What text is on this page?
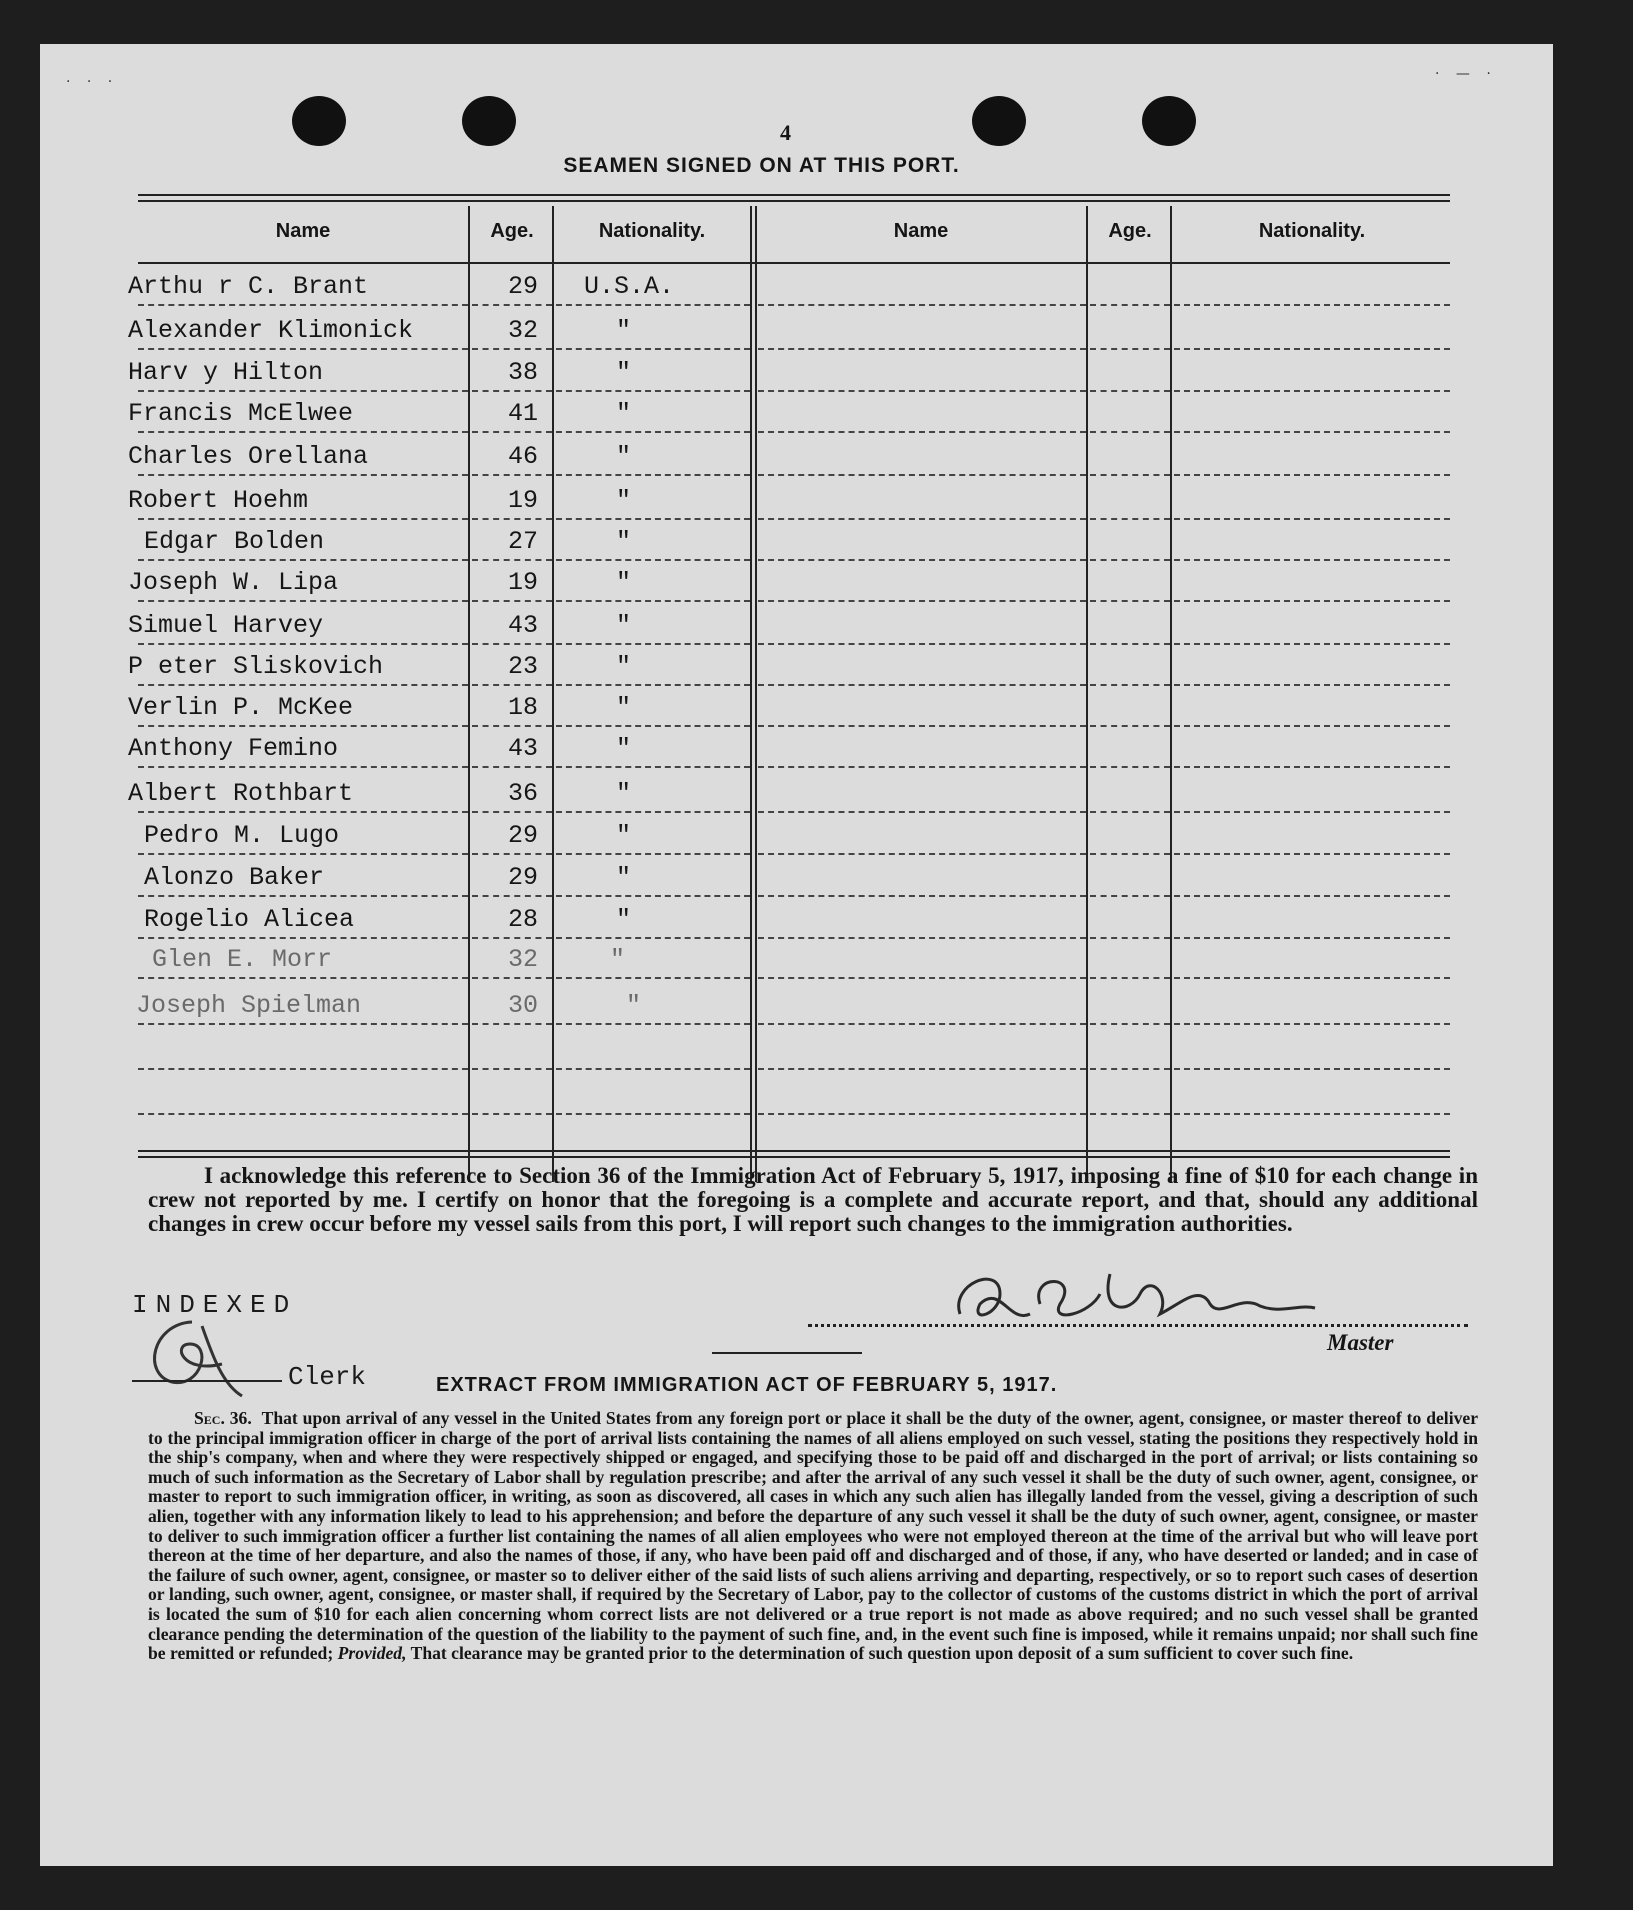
· · ·	· — ·
4
SEAMEN SIGNED ON AT THIS PORT.
Name	Age.	Nationality.	Name	Age.	Nationality.

I acknowledge this reference to Section 36 of the Immigration Act of February 5, 1917, imposing a fine of $10 for each change in crew not reported by me. I certify on honor that the foregoing is a complete and accurate report, and that, should any additional changes in crew occur before my vessel sails from this port, I will report such changes to the immigration authorities.

INDEXED
Clerk
Master
EXTRACT FROM IMMIGRATION ACT OF FEBRUARY 5, 1917.

Sec. 36. That upon arrival of any vessel in the United States from any foreign port or place it shall be the duty of the owner, agent, consignee, or master thereof to deliver to the principal immigration officer in charge of the port of arrival lists containing the names of all aliens employed on such vessel, stating the positions they respectively hold in the ship's company, when and where they were respectively shipped or engaged, and specifying those to be paid off and discharged in the port of arrival; or lists containing so much of such information as the Secretary of Labor shall by regulation prescribe; and after the arrival of any such vessel it shall be the duty of such owner, agent, consignee, or master to report to such immigration officer, in writing, as soon as discovered, all cases in which any such alien has illegally landed from the vessel, giving a description of such alien, together with any information likely to lead to his apprehension; and before the departure of any such vessel it shall be the duty of such owner, agent, consignee, or master to deliver to such immigration officer a further list containing the names of all alien employees who were not employed thereon at the time of the arrival but who will leave port thereon at the time of her departure, and also the names of those, if any, who have been paid off and discharged and of those, if any, who have deserted or landed; and in case of the failure of such owner, agent, consignee, or master so to deliver either of the said lists of such aliens arriving and departing, respectively, or so to report such cases of desertion or landing, such owner, agent, consignee, or master shall, if required by the Secretary of Labor, pay to the collector of customs of the customs district in which the port of arrival is located the sum of $10 for each alien concerning whom correct lists are not delivered or a true report is not made as above required; and no such vessel shall be granted clearance pending the determination of the question of the liability to the payment of such fine, and, in the event such fine is imposed, while it remains unpaid; nor shall such fine be remitted or refunded; Provided, That clearance may be granted prior to the determination of such question upon deposit of a sum sufficient to cover such fine.

Arthu r C. Brant	29 U.S.A.
Alexander Klimonick	32	"
Harv y Hilton	38	"
Francis McElwee	41	"
Charles Orellana	46	"
Robert Hoehm	19	"
Edgar Bolden	27	"
Joseph W. Lipa	19	"
Simuel Harvey	43	"
P eter Sliskovich	23	"
Verlin P. McKee	18	"
Anthony Femino	43	"
Albert Rothbart	36	"
Pedro M. Lugo	29	"
Alonzo Baker	29	"
Rogelio Alicea	28	"
Glen E. Morr	32	"
Joseph Spielman	30	"
